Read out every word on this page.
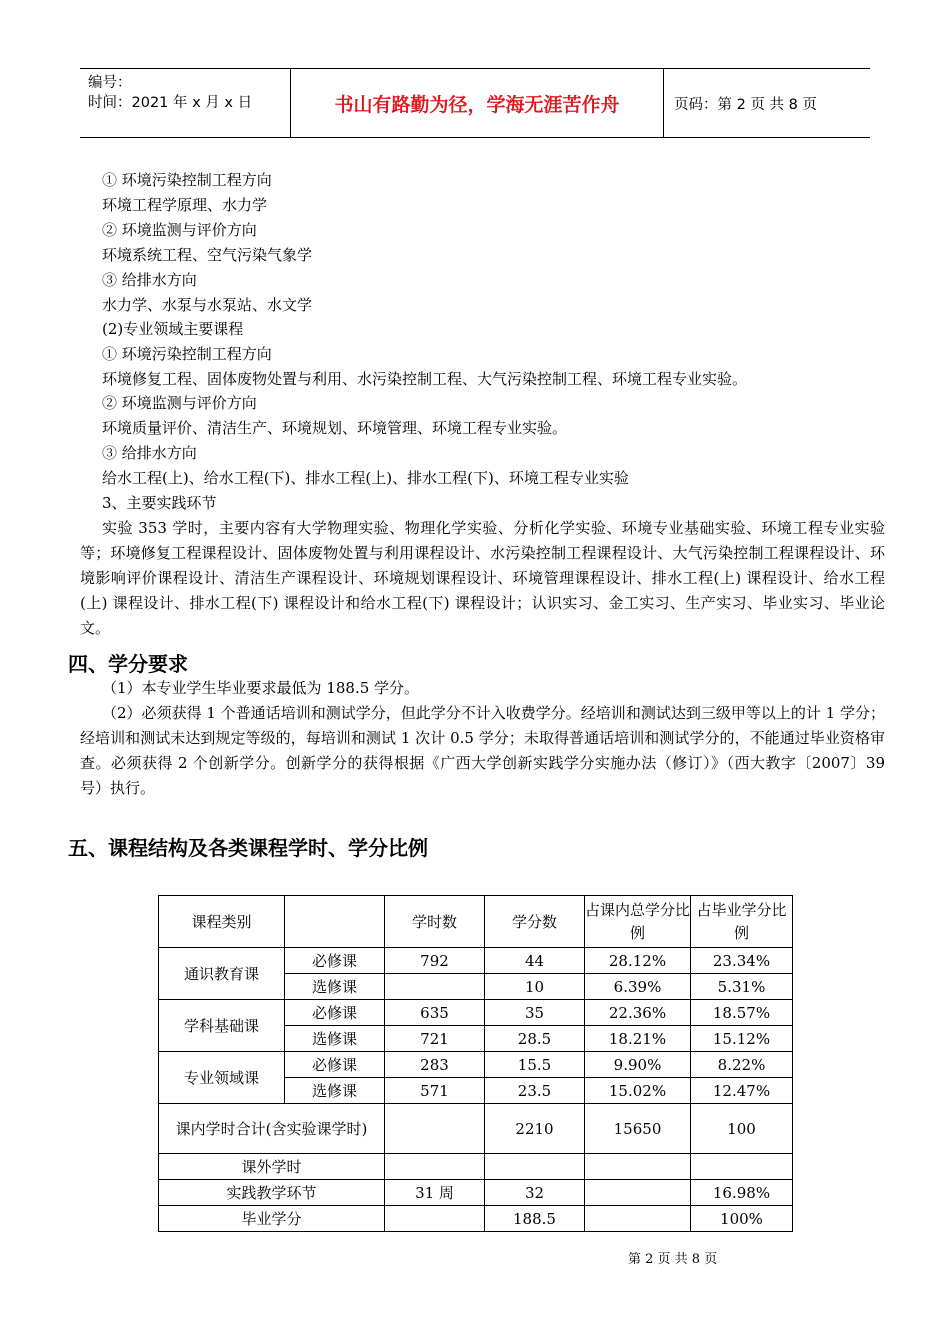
编号：
时间：2021 年 x 月 x 日	书山有路勤为径，学海无涯苦作舟	页码：第 2 页 共 8 页
① 环境污染控制工程方向
环境工程学原理、水力学
② 环境监测与评价方向
环境系统工程、空气污染气象学
③ 给排水方向
水力学、水泵与水泵站、水文学
(2)专业领域主要课程
① 环境污染控制工程方向
环境修复工程、固体废物处置与利用、水污染控制工程、大气污染控制工程、环境工程专业实验。
② 环境监测与评价方向
环境质量评价、清洁生产、环境规划、环境管理、环境工程专业实验。
③ 给排水方向
给水工程(上)、给水工程(下)、排水工程(上)、排水工程(下)、环境工程专业实验
3、主要实践环节
实验 353 学时，主要内容有大学物理实验、物理化学实验、分析化学实验、环境专业基础实验、环境工程专业实验等；环境修复工程课程设计、固体废物处置与利用课程设计、水污染控制工程课程设计、大气污染控制工程课程设计、环境影响评价课程设计、清洁生产课程设计、环境规划课程设计、环境管理课程设计、排水工程(上) 课程设计、给水工程(上) 课程设计、排水工程(下) 课程设计和给水工程(下) 课程设计；认识实习、金工实习、生产实习、毕业实习、毕业论文。
四、学分要求
（1）本专业学生毕业要求最低为 188.5 学分。
（2）必须获得 1 个普通话培训和测试学分，但此学分不计入收费学分。经培训和测试达到三级甲等以上的计 1 学分；经培训和测试未达到规定等级的，每培训和测试 1 次计 0.5 学分；未取得普通话培训和测试学分的，不能通过毕业资格审查。必须获得 2 个创新学分。创新学分的获得根据《广西大学创新实践学分实施办法（修订）》（西大教字〔2007〕39 号）执行。
五、课程结构及各类课程学时、学分比例
课程类别		学时数	学分数	占课内总学分比例	占毕业学分比例
通识教育课	必修课	792	44	28.12%	23.34%
	选修课		10	6.39%	5.31%
学科基础课	必修课	635	35	22.36%	18.57%
	选修课	721	28.5	18.21%	15.12%
专业领域课	必修课	283	15.5	9.90%	8.22%
	选修课	571	23.5	15.02%	12.47%
课内学时合计(含实验课学时)			2210	15650	100
课外学时					
实践教学环节		31 周	32		16.98%
毕业学分			188.5		100%
第 2 页 共 8 页
